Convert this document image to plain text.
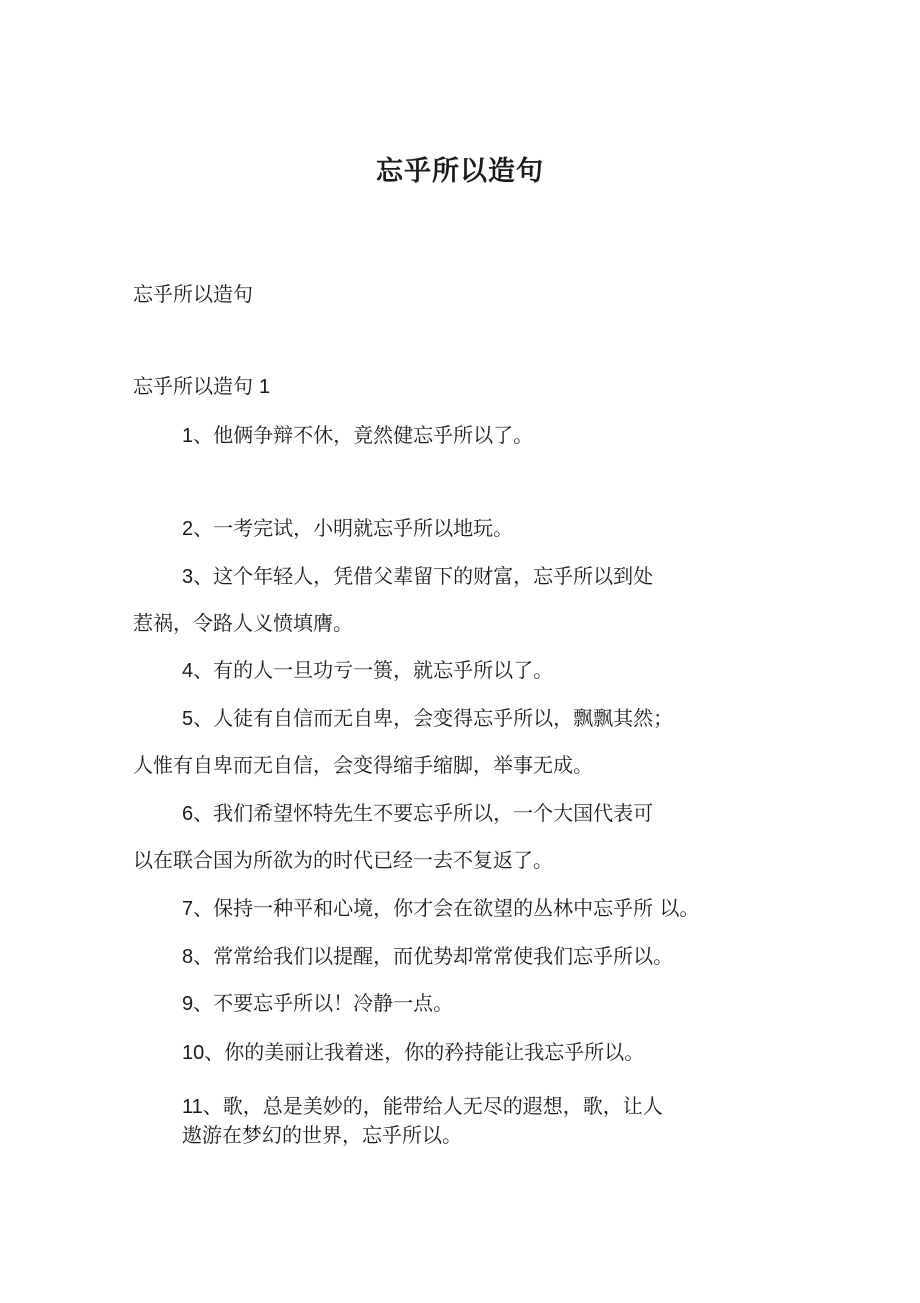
忘乎所以造句
忘乎所以造句
忘乎所以造句 1
1、他俩争辩不休，竟然健忘乎所以了。
2、一考完试，小明就忘乎所以地玩。
3、这个年轻人，凭借父辈留下的财富，忘乎所以到处
惹祸，令路人义愤填膺。
4、有的人一旦功亏一篑，就忘乎所以了。
5、人徒有自信而无自卑，会变得忘乎所以，飘飘其然；
人惟有自卑而无自信，会变得缩手缩脚，举事无成。
6、我们希望怀特先生不要忘乎所以，一个大国代表可
以在联合国为所欲为的时代已经一去不复返了。
7、保持一种平和心境，你才会在欲望的丛林中忘乎所 以。
8、常常给我们以提醒，而优势却常常使我们忘乎所以。
9、不要忘乎所以！冷静一点。
10、你的美丽让我着迷，你的矜持能让我忘乎所以。
11、歌，总是美妙的，能带给人无尽的遐想，歌，让人
遨游在梦幻的世界，忘乎所以。
